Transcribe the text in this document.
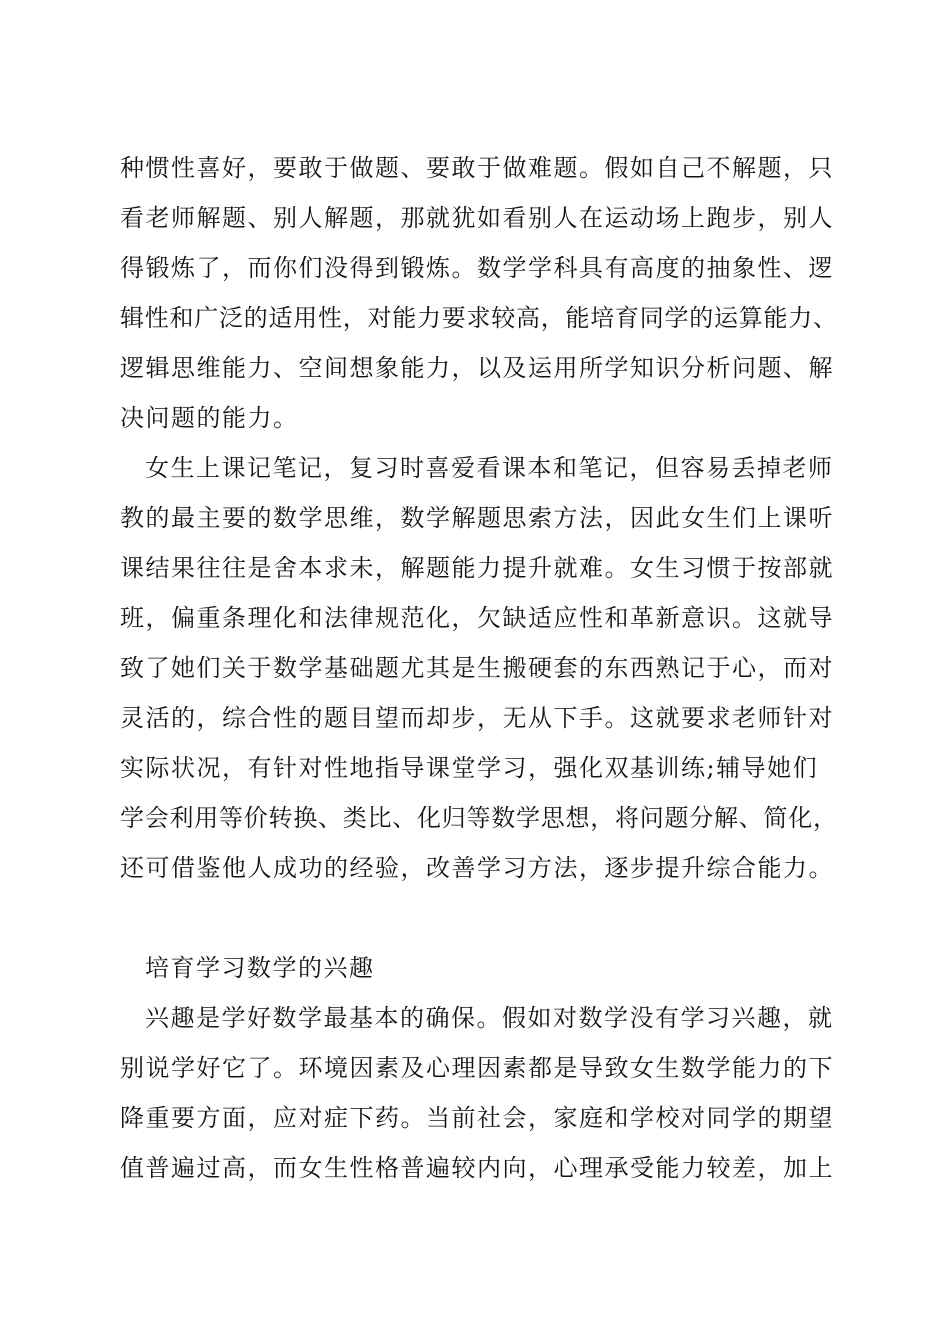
种惯性喜好，要敢于做题、要敢于做难题。假如自己不解题，只
看老师解题、别人解题，那就犹如看别人在运动场上跑步，别人
得锻炼了，而你们没得到锻炼。数学学科具有高度的抽象性、逻
辑性和广泛的适用性，对能力要求较高，能培育同学的运算能力、
逻辑思维能力、空间想象能力，以及运用所学知识分析问题、解
决问题的能力。
女生上课记笔记，复习时喜爱看课本和笔记，但容易丢掉老师
教的最主要的数学思维，数学解题思索方法，因此女生们上课听
课结果往往是舍本求未，解题能力提升就难。女生习惯于按部就
班，偏重条理化和法律规范化，欠缺适应性和革新意识。这就导
致了她们关于数学基础题尤其是生搬硬套的东西熟记于心，而对
灵活的，综合性的题目望而却步，无从下手。这就要求老师针对
实际状况，有针对性地指导课堂学习，强化双基训练;辅导她们
学会利用等价转换、类比、化归等数学思想，将问题分解、简化，
还可借鉴他人成功的经验，改善学习方法，逐步提升综合能力。
培育学习数学的兴趣
兴趣是学好数学最基本的确保。假如对数学没有学习兴趣，就
别说学好它了。环境因素及心理因素都是导致女生数学能力的下
降重要方面，应对症下药。当前社会，家庭和学校对同学的期望
值普遍过高，而女生性格普遍较内向，心理承受能力较差，加上
